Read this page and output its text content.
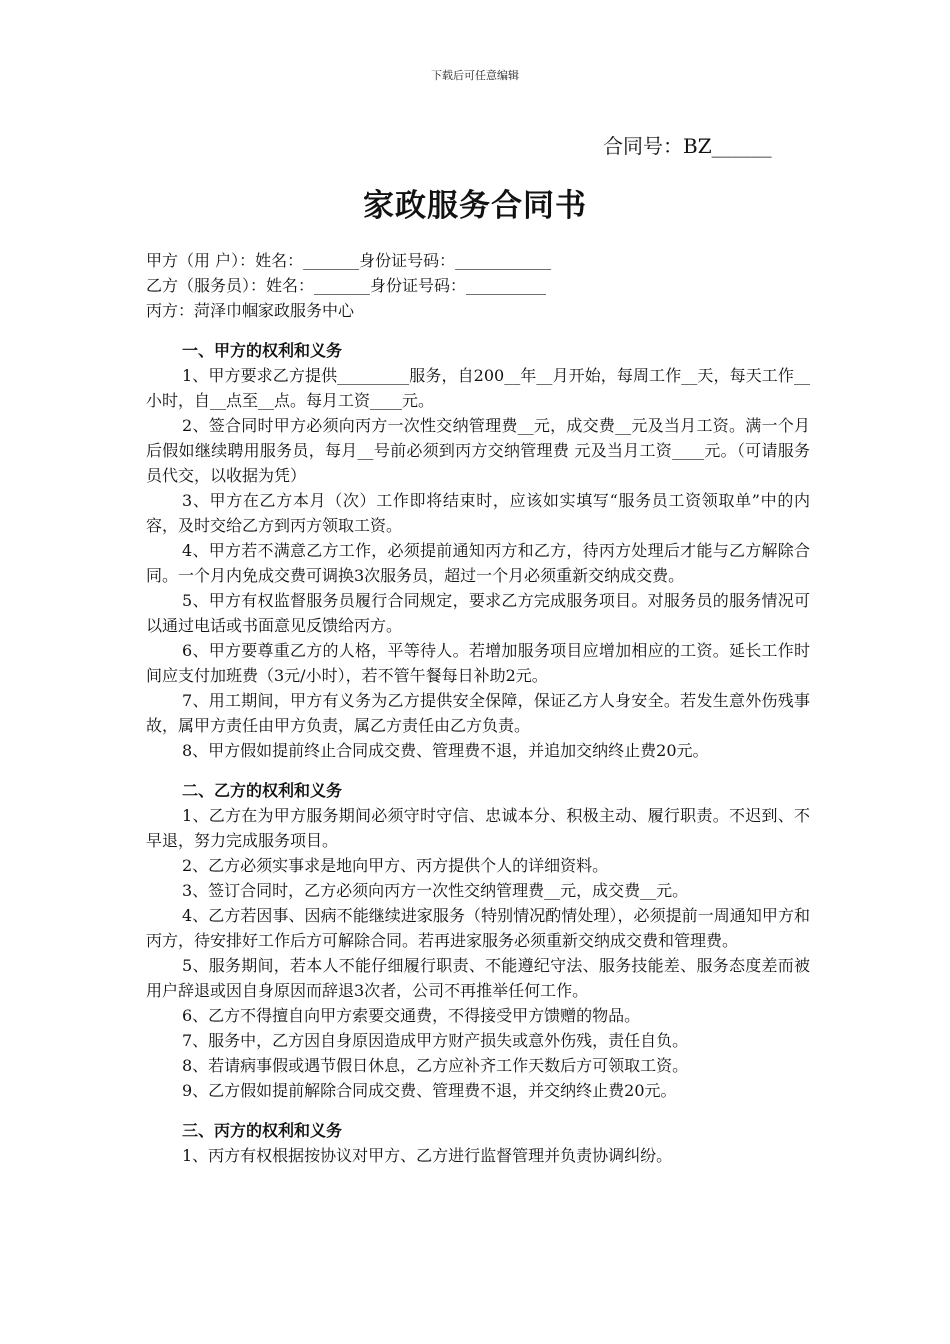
下载后可任意编辑
合同号：BZ______
家政服务合同书

甲方（用 户）：姓名：_______身份证号码：____________

乙方（服务员）：姓名：_______身份证号码：__________

丙方：菏泽巾帼家政服务中心

一、甲方的权利和义务

1、甲方要求乙方提供_________服务，自200__年__月开始，每周工作__天，每天工作__小时，自__点至__点。每月工资____元。

2、签合同时甲方必须向丙方一次性交纳管理费__元，成交费__元及当月工资。满一个月后假如继续聘用服务员，每月__号前必须到丙方交纳管理费 元及当月工资____元。（可请服务员代交，以收据为凭）

3、甲方在乙方本月（次）工作即将结束时，应该如实填写“服务员工资领取单”中的内容，及时交给乙方到丙方领取工资。

4、甲方若不满意乙方工作，必须提前通知丙方和乙方，待丙方处理后才能与乙方解除合同。一个月内免成交费可调换3次服务员，超过一个月必须重新交纳成交费。

5、甲方有权监督服务员履行合同规定，要求乙方完成服务项目。对服务员的服务情况可以通过电话或书面意见反馈给丙方。

6、甲方要尊重乙方的人格，平等待人。若增加服务项目应增加相应的工资。延长工作时间应支付加班费（3元/小时），若不管午餐每日补助2元。

7、用工期间，甲方有义务为乙方提供安全保障，保证乙方人身安全。若发生意外伤残事故，属甲方责任由甲方负责，属乙方责任由乙方负责。

8、甲方假如提前终止合同成交费、管理费不退，并追加交纳终止费20元。

二、乙方的权利和义务

1、乙方在为甲方服务期间必须守时守信、忠诚本分、积极主动、履行职责。不迟到、不早退，努力完成服务项目。

2、乙方必须实事求是地向甲方、丙方提供个人的详细资料。

3、签订合同时，乙方必须向丙方一次性交纳管理费__元，成交费__元。

4、乙方若因事、因病不能继续进家服务（特别情况酌情处理），必须提前一周通知甲方和丙方，待安排好工作后方可解除合同。若再进家服务必须重新交纳成交费和管理费。

5、服务期间，若本人不能仔细履行职责、不能遵纪守法、服务技能差、服务态度差而被用户辞退或因自身原因而辞退3次者，公司不再推举任何工作。

6、乙方不得擅自向甲方索要交通费，不得接受甲方馈赠的物品。

7、服务中，乙方因自身原因造成甲方财产损失或意外伤残，责任自负。

8、若请病事假或遇节假日休息，乙方应补齐工作天数后方可领取工资。

9、乙方假如提前解除合同成交费、管理费不退，并交纳终止费20元。

三、丙方的权利和义务

1、丙方有权根据按协议对甲方、乙方进行监督管理并负责协调纠纷。
